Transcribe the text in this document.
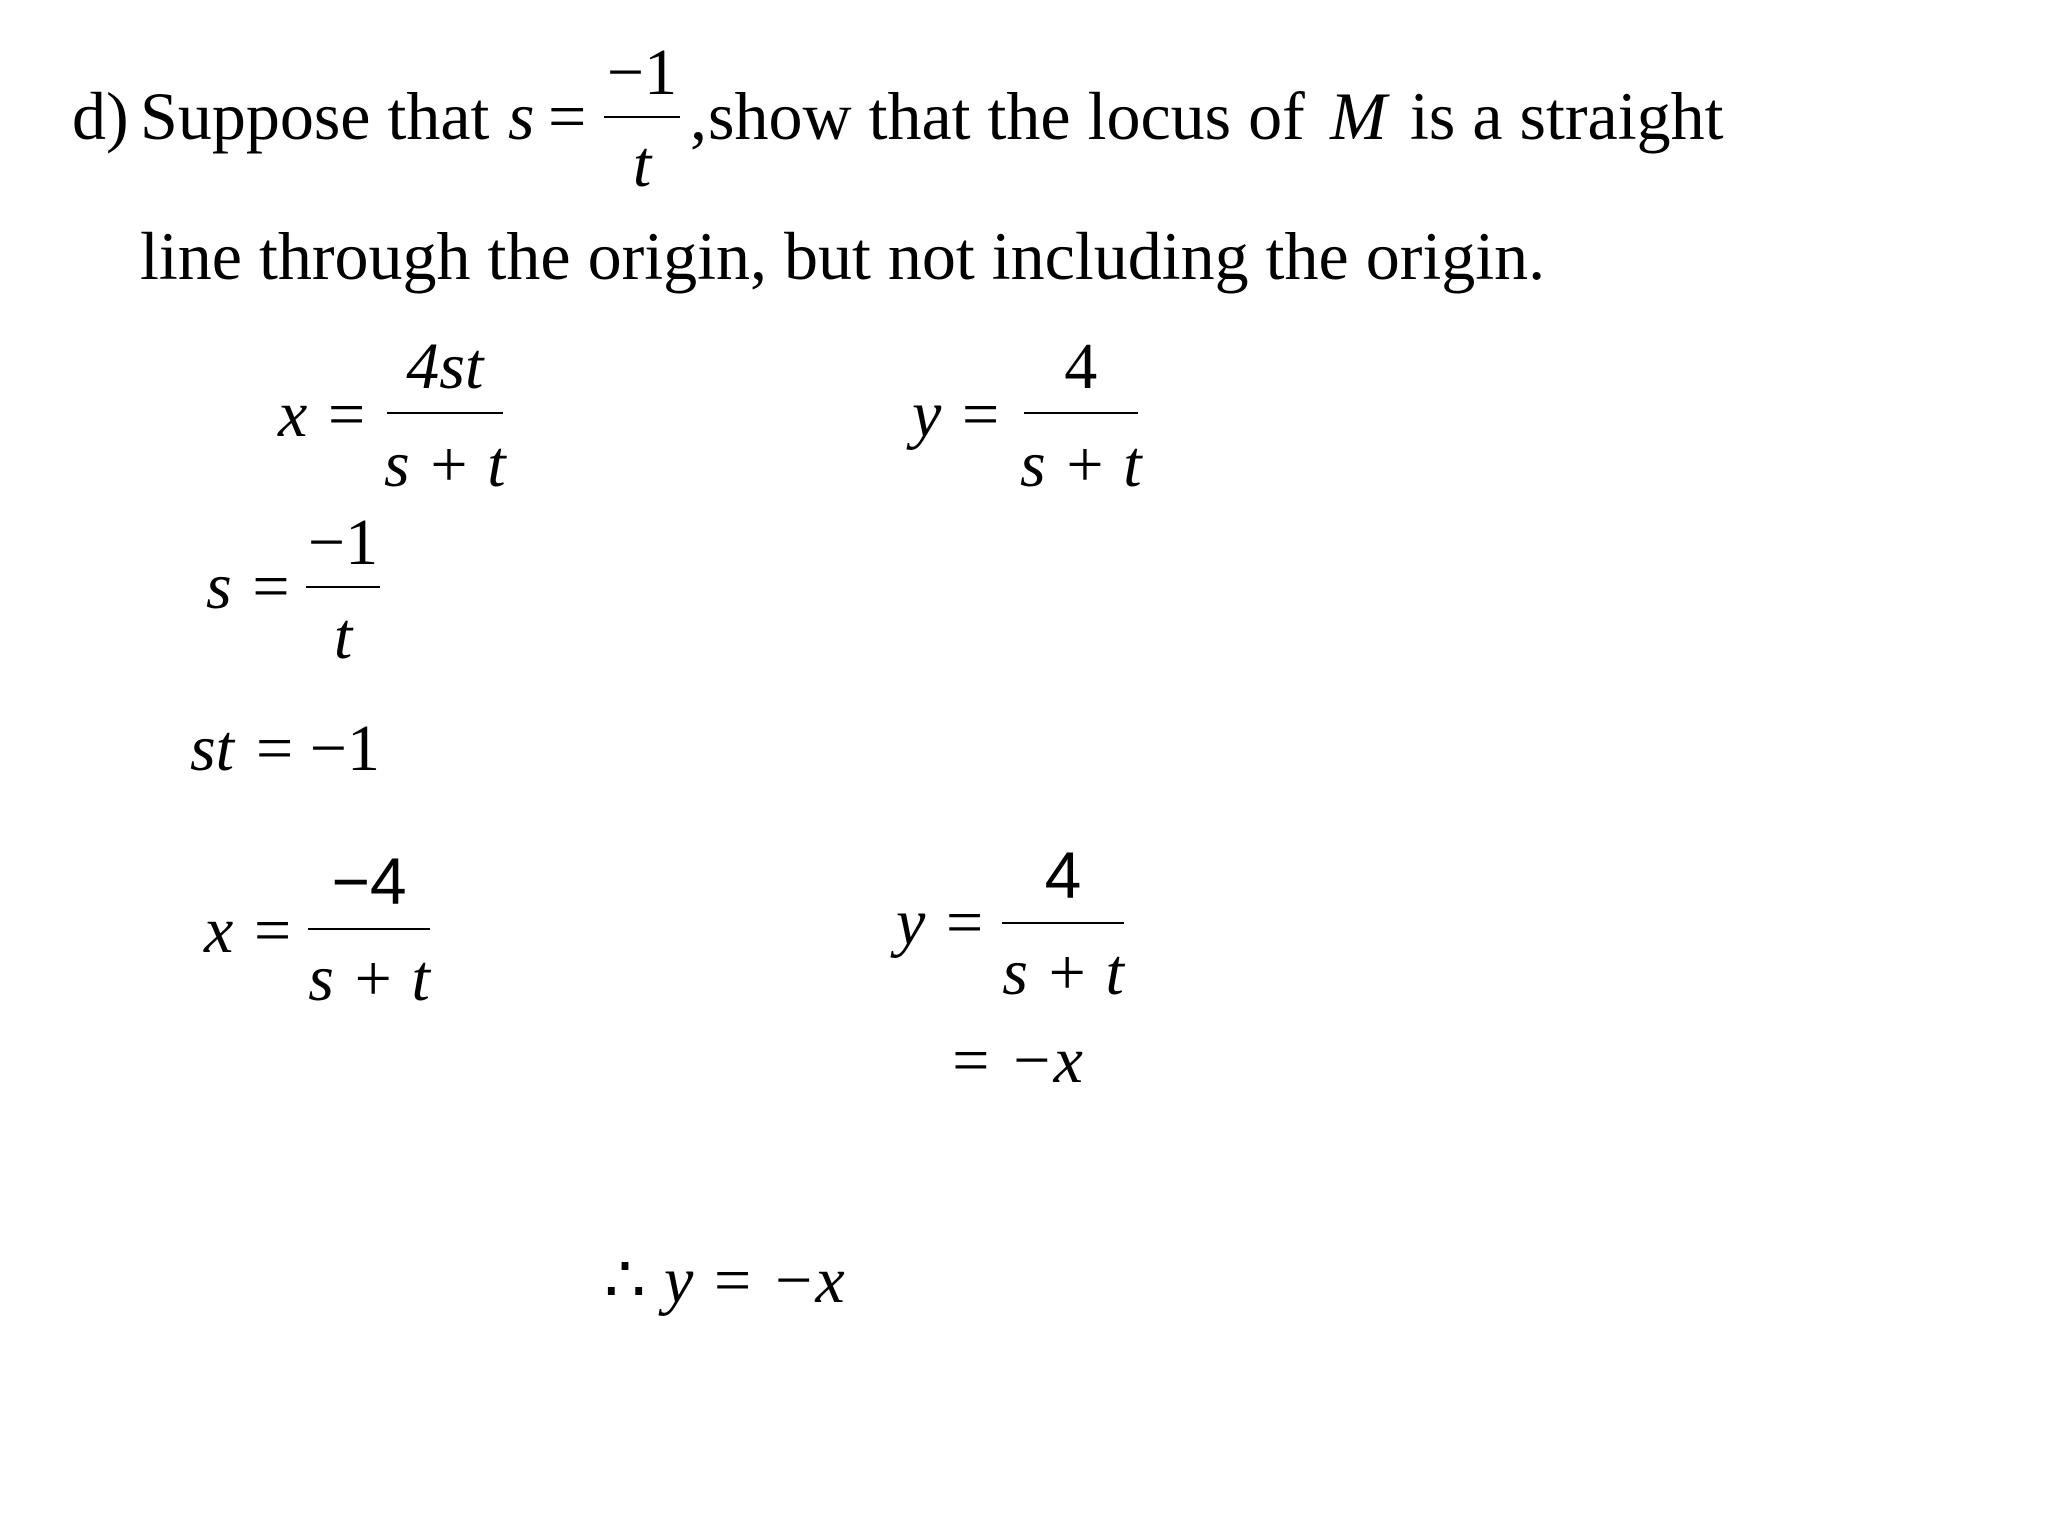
d) Suppose that s =
−1
t
, show that the locus of M is a straight
line through the origin, but not including the origin.
x =
4st
s + t
y =
4
s + t
s =
−1
t
st = −1
x =
−4
s + t
y =
4
s + t
= −x
∴ y = −x
